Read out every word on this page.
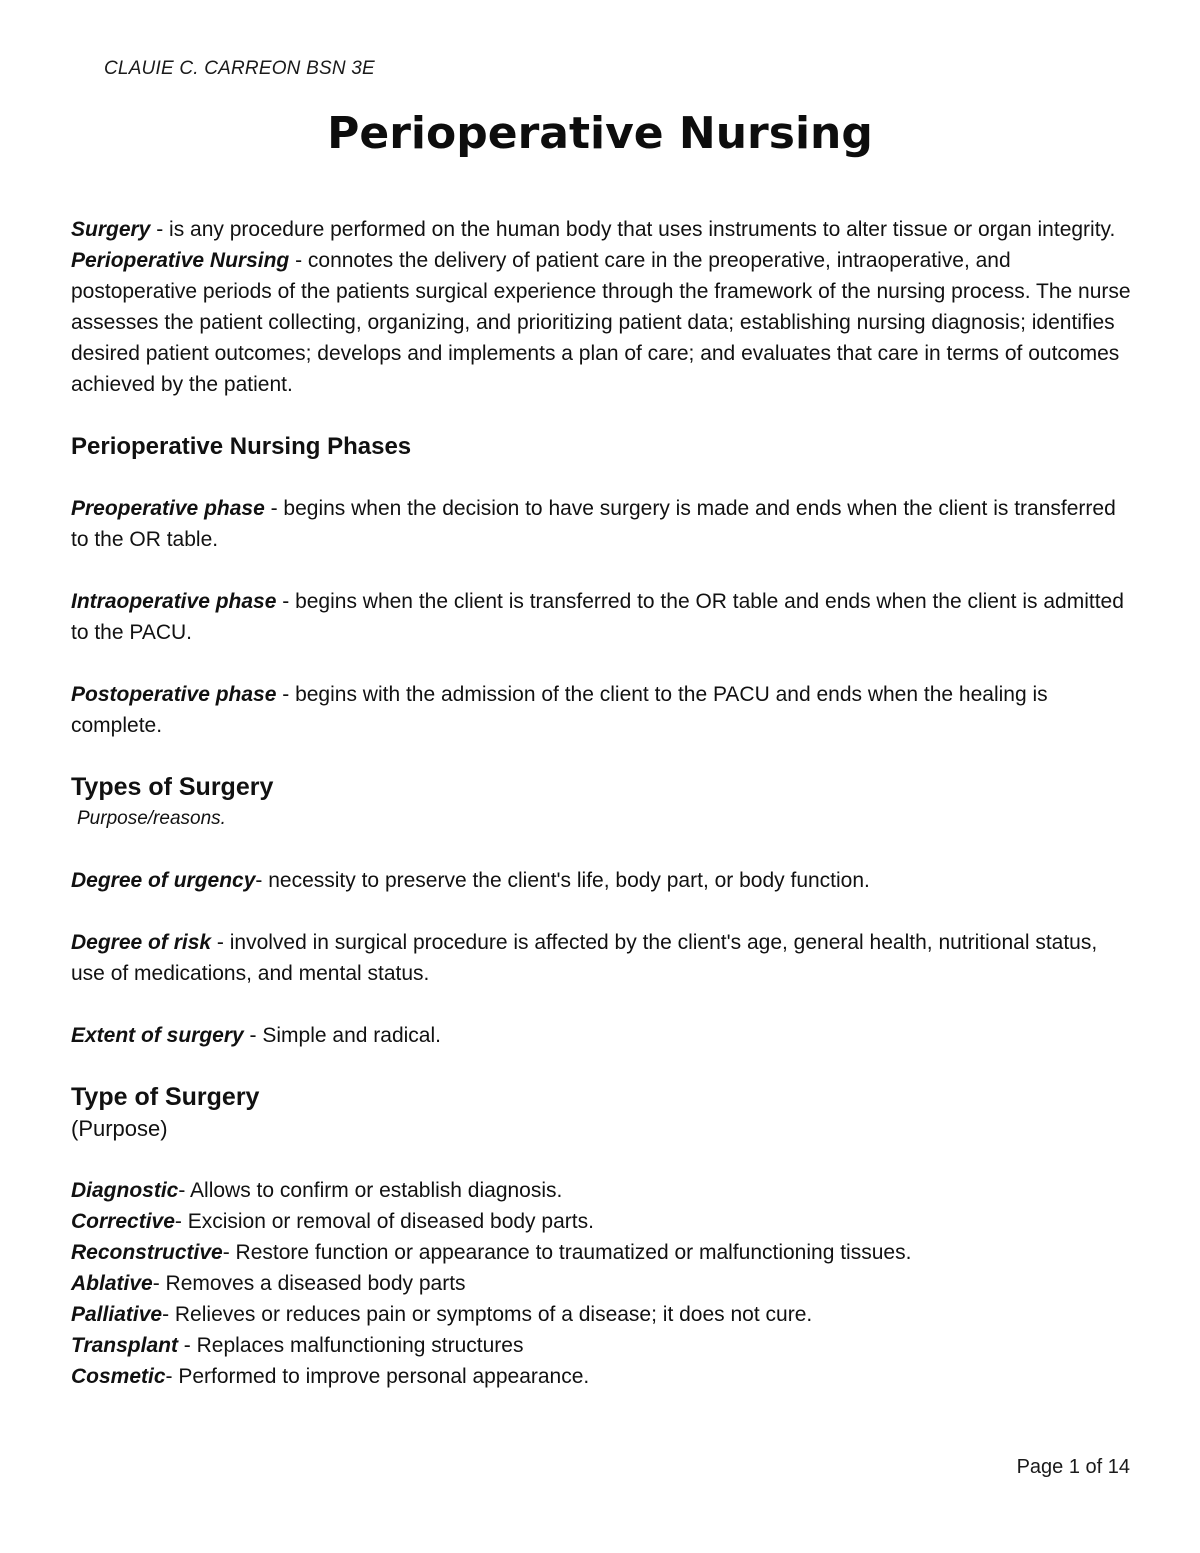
CLAUIE C. CARREON BSN 3E
Perioperative Nursing

Surgery - is any procedure performed on the human body that uses instruments to alter tissue or organ integrity.

Perioperative Nursing - connotes the delivery of patient care in the preoperative, intraoperative, and postoperative periods of the patients surgical experience through the framework of the nursing process. The nurse assesses the patient collecting, organizing, and prioritizing patient data; establishing nursing diagnosis; identifies desired patient outcomes; develops and implements a plan of care; and evaluates that care in terms of outcomes achieved by the patient.

Perioperative Nursing Phases

Preoperative phase - begins when the decision to have surgery is made and ends when the client is transferred to the OR table.

Intraoperative phase - begins when the client is transferred to the OR table and ends when the client is admitted to the PACU.

Postoperative phase - begins with the admission of the client to the PACU and ends when the healing is complete.

Types of Surgery

Purpose/reasons.

Degree of urgency- necessity to preserve the client's life, body part, or body function.

Degree of risk - involved in surgical procedure is affected by the client's age, general health, nutritional status, use of medications, and mental status.

Extent of surgery - Simple and radical.

Type of Surgery

(Purpose)

Diagnostic- Allows to confirm or establish diagnosis.

Corrective- Excision or removal of diseased body parts.

Reconstructive- Restore function or appearance to traumatized or malfunctioning tissues.

Ablative- Removes a diseased body parts

Palliative- Relieves or reduces pain or symptoms of a disease; it does not cure.

Transplant - Replaces malfunctioning structures

Cosmetic- Performed to improve personal appearance.

Page 1 of 14
